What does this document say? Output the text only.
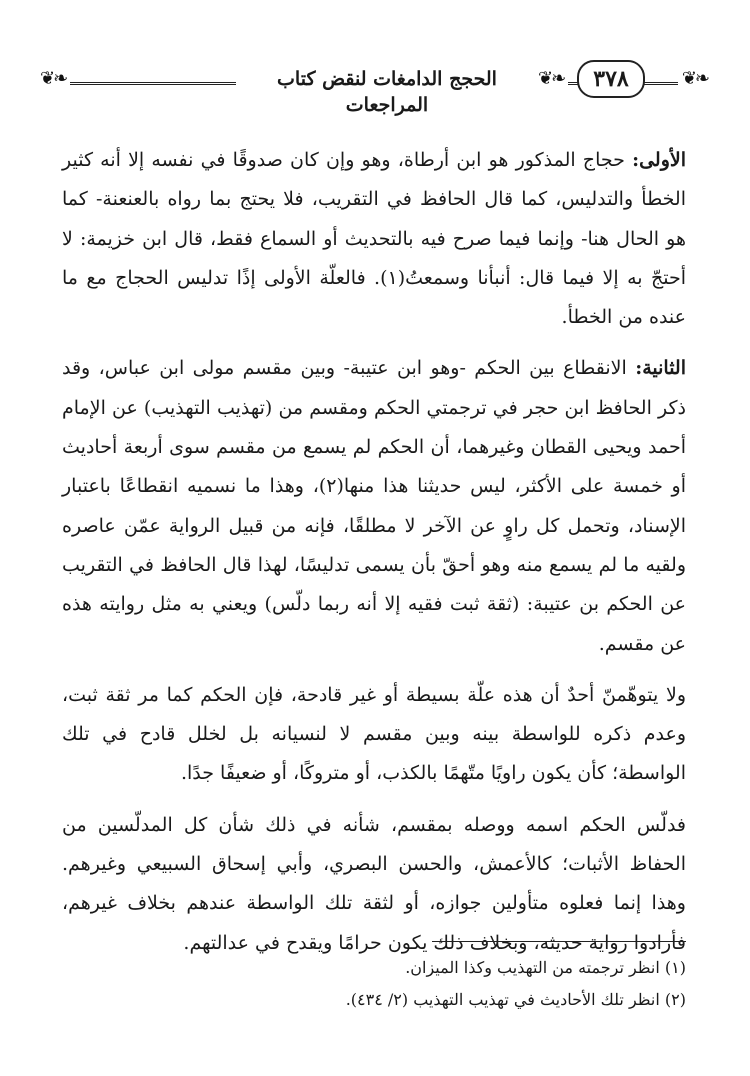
❦❧	الحجج الدامغات لنقض كتاب المراجعات
❦❧	٣٧٨	❦❧

الأولى: حجاج المذكور هو ابن أرطاة، وهو وإن كان صدوقًا في نفسه إلا أنه كثير الخطأ والتدليس، كما قال الحافظ في التقريب، فلا يحتج بما رواه بالعنعنة- كما هو الحال هنا- وإنما فيما صرح فيه بالتحديث أو السماع فقط، قال ابن خزيمة: لا أحتجّ به إلا فيما قال: أنبأنا وسمعتُ(١). فالعلّة الأولى إذًا تدليس الحجاج مع ما عنده من الخطأ.

الثانية: الانقطاع بين الحكم -وهو ابن عتيبة- وبين مقسم مولى ابن عباس، وقد ذكر الحافظ ابن حجر في ترجمتي الحكم ومقسم من (تهذيب التهذيب) عن الإمام أحمد ويحيى القطان وغيرهما، أن الحكم لم يسمع من مقسم سوى أربعة أحاديث أو خمسة على الأكثر، ليس حديثنا هذا منها(٢)، وهذا ما نسميه انقطاعًا باعتبار الإسناد، وتحمل كل راوٍ عن الآخر لا مطلقًا، فإنه من قبيل الرواية عمّن عاصره ولقيه ما لم يسمع منه وهو أحقّ بأن يسمى تدليسًا، لهذا قال الحافظ في التقريب عن الحكم بن عتيبة: (ثقة ثبت فقيه إلا أنه ربما دلّس) ويعني به مثل روايته هذه عن مقسم.

ولا يتوهّمنّ أحدٌ أن هذه علّة بسيطة أو غير قادحة، فإن الحكم كما مر ثقة ثبت، وعدم ذكره للواسطة بينه وبين مقسم لا لنسيانه بل لخلل قادح في تلك الواسطة؛ كأن يكون راويًا متّهمًا بالكذب، أو متروكًا، أو ضعيفًا جدًا.

فدلّس الحكم اسمه ووصله بمقسم، شأنه في ذلك شأن كل المدلّسين من الحفاظ الأثبات؛ كالأعمش، والحسن البصري، وأبي إسحاق السبيعي وغيرهم. وهذا إنما فعلوه متأولين جوازه، أو لثقة تلك الواسطة عندهم بخلاف غيرهم، فأرادوا رواية حديثه، وبخلاف ذلك يكون حرامًا ويقدح في عدالتهم.

(١) انظر ترجمته من التهذيب وكذا الميزان.

(٢) انظر تلك الأحاديث في تهذيب التهذيب (٢/ ٤٣٤).
